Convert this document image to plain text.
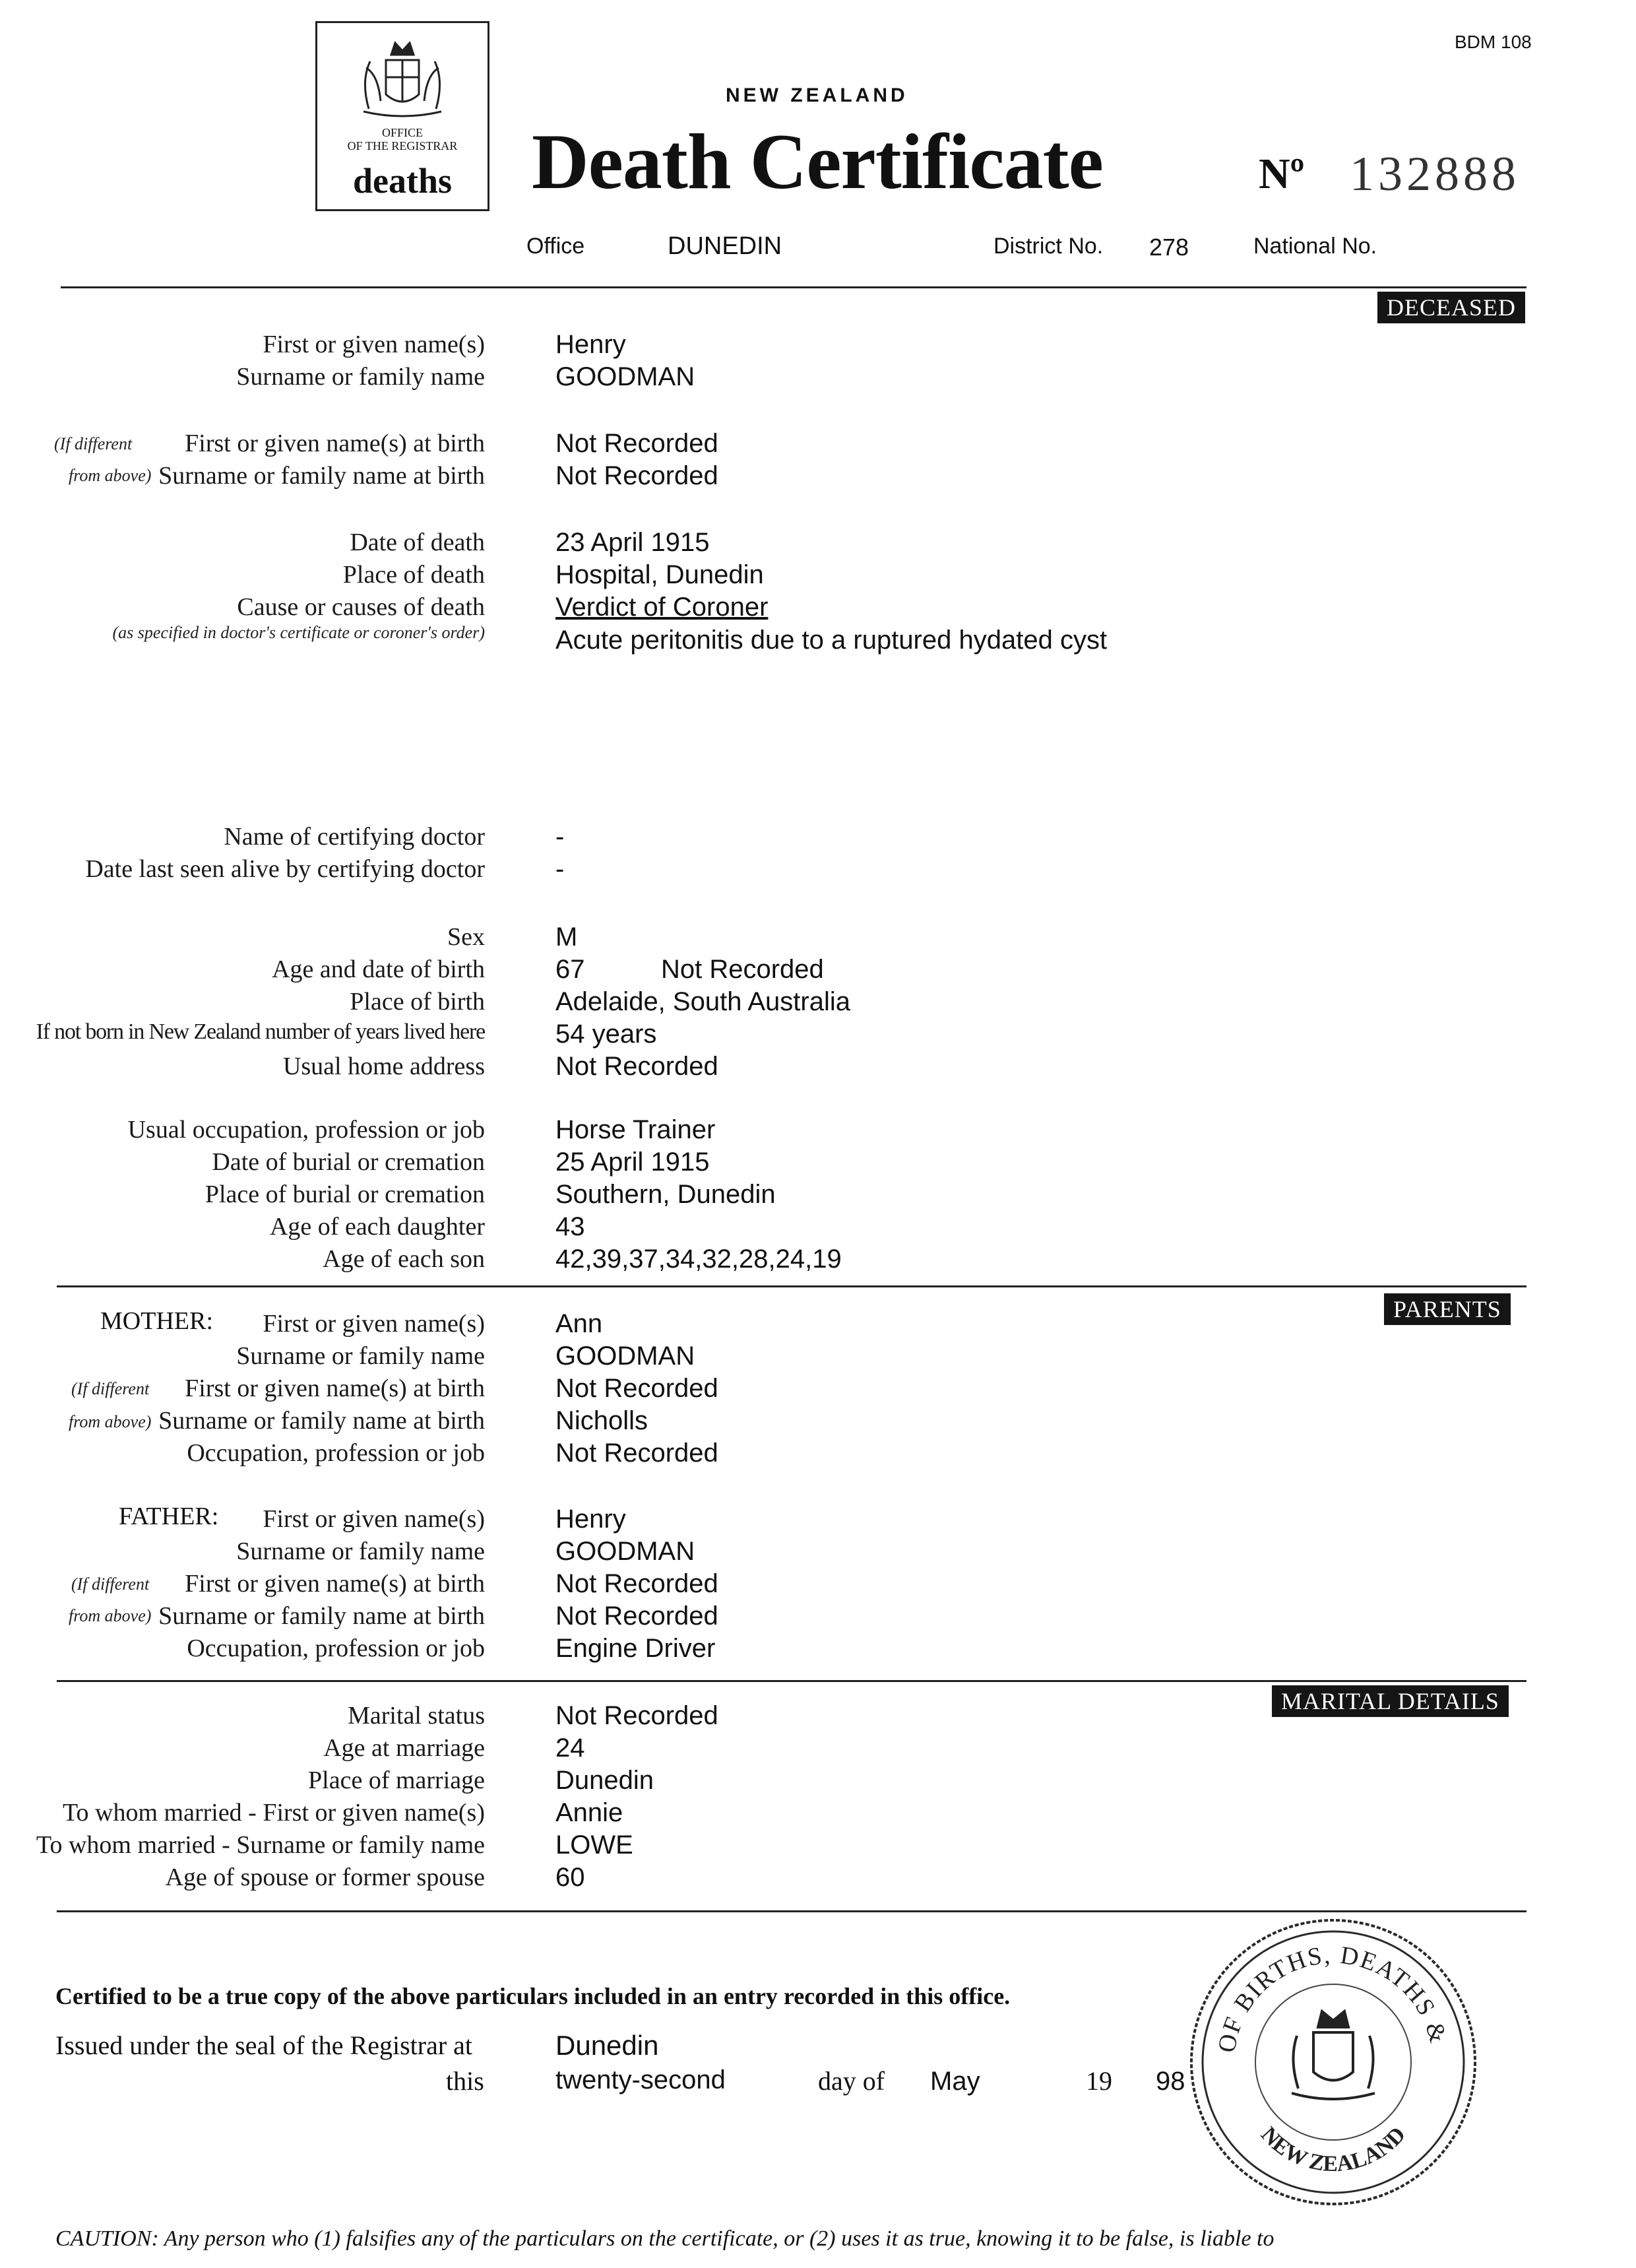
BDM 108
OFFICE
OF THE REGISTRAR
deaths
NEW ZEALAND
Death Certificate	Nº 132888
Office	DUNEDIN	District No. 278	National No.
DECEASED
First or given name(s)	Henry
Surname or family name	GOODMAN
(If different
from above)
First or given name(s) at birth	Not Recorded
Surname or family name at birth	Not Recorded
Date of death	23 April 1915
Place of death	Hospital, Dunedin
Cause or causes of death	Verdict of Coroner
(as specified in doctor's certificate or coroner's order)	Acute peritonitis due to a ruptured hydated cyst
Name of certifying doctor	-
Date last seen alive by certifying doctor	-
Sex	M
Age and date of birth	67	Not Recorded
Place of birth	Adelaide, South Australia
If not born in New Zealand number of years lived here	54 years
Usual home address	Not Recorded
Usual occupation, profession or job	Horse Trainer
Date of burial or cremation	25 April 1915
Place of burial or cremation	Southern, Dunedin
Age of each daughter	43
Age of each son	42,39,37,34,32,28,24,19
PARENTS
MOTHER: First or given name(s)	Ann
Surname or family name	GOODMAN
(If different
from above)
First or given name(s) at birth	Not Recorded
Surname or family name at birth	Nicholls
Occupation, profession or job	Not Recorded
FATHER: First or given name(s)	Henry
Surname or family name	GOODMAN
(If different
from above)
First or given name(s) at birth	Not Recorded
Surname or family name at birth	Not Recorded
Occupation, profession or job	Engine Driver
MARITAL DETAILS
Marital status	Not Recorded
Age at marriage	24
Place of marriage	Dunedin
To whom married - First or given name(s)	Annie
To whom married - Surname or family name	LOWE
Age of spouse or former spouse	60
Certified to be a true copy of the above particulars included in an entry recorded in this office.
Issued under the seal of the Registrar at	Dunedin
this	twenty-second	day of May	19 98
OF BIRTHS, DEATHS &
NEW ZEALAND
CAUTION: Any person who (1) falsifies any of the particulars on the certificate, or (2) uses it as true, knowing it to be false, is liable to
